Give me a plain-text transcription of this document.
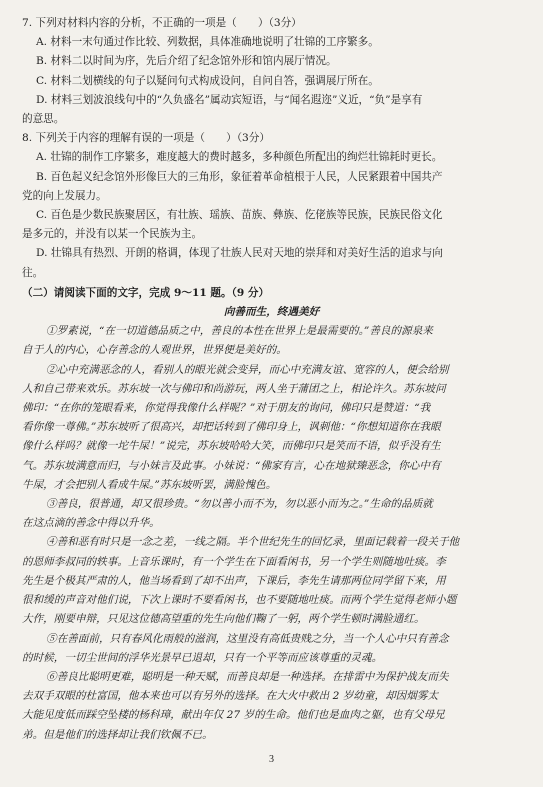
7. 下列对材料内容的分析，不正确的一项是（　　）（3分）

A. 材料一末句通过作比较、列数据，具体准确地说明了壮锦的工序繁多。

B. 材料二以时间为序，先后介绍了纪念馆外形和馆内展厅情况。

C. 材料二划横线的句子以疑问句式构成设问，自问自答，强调展厅所在。

D. 材料三划波浪线句中的“久负盛名”属动宾短语，与“闻名遐迩”义近，“负”是享有

的意思。

8. 下列关于内容的理解有误的一项是（　　）（3分）

A. 壮锦的制作工序繁多，难度越大的费时越多，多种颜色所配出的绚烂壮锦耗时更长。

B. 百色起义纪念馆外形像巨大的三角形，象征着革命植根于人民，人民紧跟着中国共产

党的向上发展力。

C. 百色是少数民族聚居区，有壮族、瑶族、苗族、彝族、仡佬族等民族，民族民俗文化

是多元的，并没有以某一个民族为主。

D. 壮锦具有热烈、开朗的格调，体现了壮族人民对天地的崇拜和对美好生活的追求与向

往。

（二）请阅读下面的文字，完成 9～11 题。（9 分）

向善而生，终遇美好

①罗素说，“在一切道德品质之中，善良的本性在世界上是最需要的。”善良的源泉来

自于人的内心，心存善念的人观世界，世界便是美好的。

②心中充满恶念的人，看别人的眼光就会变异，而心中充满友谊、宽容的人，便会给别

人和自己带来欢乐。苏东坡一次与佛印和尚游玩，两人坐于蒲团之上，相论许久。苏东坡问

佛印：“在你的笼眼看来，你觉得我像什么样呢？”对于朋友的询问，佛印只是赞道：“我

看你像一尊佛。”苏东坡听了很高兴，却把话转到了佛印身上，讽刺他：“你想知道你在我眼

像什么样吗？就像一坨牛屎！”说完，苏东坡哈哈大笑，而佛印只是笑而不语，似乎没有生

气。苏东坡满意而归，与小妹言及此事。小妹说：“佛家有言，心在地狱臻恶念，你心中有

牛屎，才会把别人看成牛屎。”苏东坡听罢，满脸愧色。

③善良，很普通，却又很珍贵。“勿以善小而不为，勿以恶小而为之。”生命的品质就

在这点滴的善念中得以升华。

④善和恶有时只是一念之差，一线之隔。半个世纪先生的回忆录，里面记载着一段关于他

的恩师李叔同的轶事。上音乐课时，有一个学生在下面看闲书，另一个学生则随地吐痰。李

先生是个极其严肃的人，他当场看到了却不出声，下课后，李先生请那两位同学留下来，用

很和缓的声音对他们说，下次上课时不要看闲书，也不要随地吐痰。而两个学生觉得老师小题

大作，刚要申辩，只见这位德高望重的先生向他们鞠了一躬，两个学生顿时满脸通红。

⑤在善面前，只有春风化雨般的滋润，这里没有高低贵贱之分，当一个人心中只有善念

的时候，一切尘世间的浮华光景早已退却，只有一个平等而应该尊重的灵魂。

⑥善良比聪明更难，聪明是一种天赋，而善良却是一种选择。在排雷中为保护战友而失

去双手双眼的杜富国，他本来也可以有另外的选择。在大火中救出 2 岁幼童，却因烟雾太

大能见度低而踩空坠楼的杨科璋，献出年仅 27 岁的生命。他们也是血肉之躯，也有父母兄

弟。但是他们的选择却让我们钦佩不已。

3
